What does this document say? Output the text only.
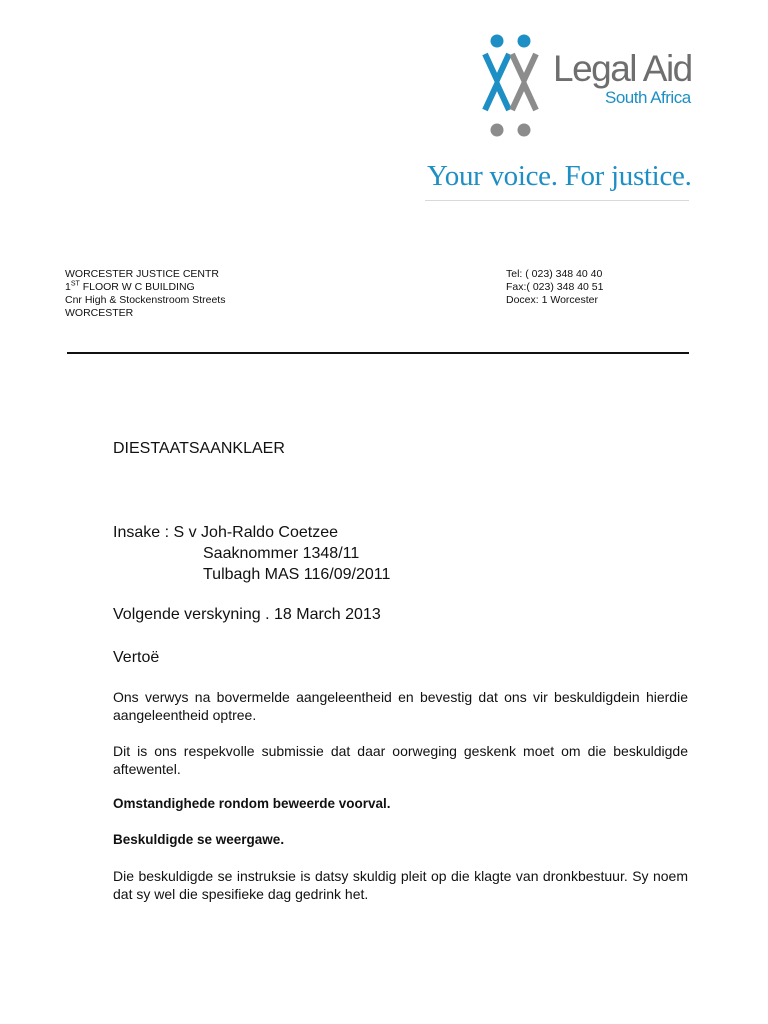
Legal Aid
South Africa
Your voice. For justice.
WORCESTER JUSTICE CENTR
1ST FLOOR W C BUILDING
Cnr High & Stockenstroom Streets
WORCESTER
Tel: ( 023) 348 40 40
Fax:( 023) 348 40 51
Docex: 1 Worcester
DIESTAATSAANKLAER
Insake : S v Joh-Raldo Coetzee
Saaknommer 1348/11
Tulbagh MAS 116/09/2011
Volgende verskyning . 18 March 2013
Vertoë

Ons verwys na bovermelde aangeleentheid en bevestig dat ons vir beskuldigdein hierdie aangeleentheid optree.

Dit is ons respekvolle submissie dat daar oorweging geskenk moet om die beskuldigde aftewentel.

Omstandighede rondom beweerde voorval.
Beskuldigde se weergawe.

Die beskuldigde se instruksie is datsy skuldig pleit op die klagte van dronkbestuur. Sy noem dat sy wel die spesifieke dag gedrink het.
